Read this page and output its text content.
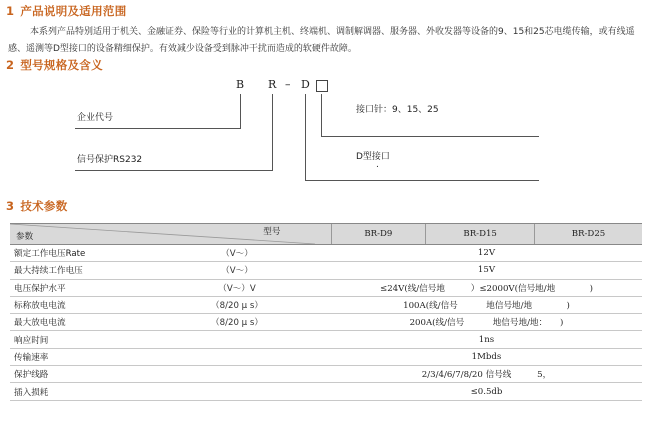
1 产品说明及适用范围
本系列产品特别适用于机关、金融证券、保险等行业的计算机主机、终端机、调制解调器、服务器、外收发器等设备的9、15和25芯电缆传输，或有线遥感、遥测等D型接口的设备精细保护。有效减少设备受到脉冲干扰而造成的软硬件故障。
2 型号规格及含义
B R – D
企业代号
信号保护RS232
接口针：9、15、25
D型接口
.
3 技术参数
型号
参数		BR-D9	BR-D15	BR-D25
额定工作电压Rate	（V～）	12V		
最大持续工作电压	（V～）	15V		
电压保护水平	（V～）V	≤24V(线/信号地　　　）≤2000V(信号地/地　　　　)		
标称放电电流	（8/20 μ s）	100A(线/信号　　　 地信号地/地　　　　)		
最大放电电流	（8/20 μ s）	200A(线/信号　　　 地信号地/地：　　)		
响应时间		1ns		
传输速率		1Mbds		
保护线路		2/3/4/6/7/8/20 信号线　　　5，		
插入损耗		≤0.5db		
